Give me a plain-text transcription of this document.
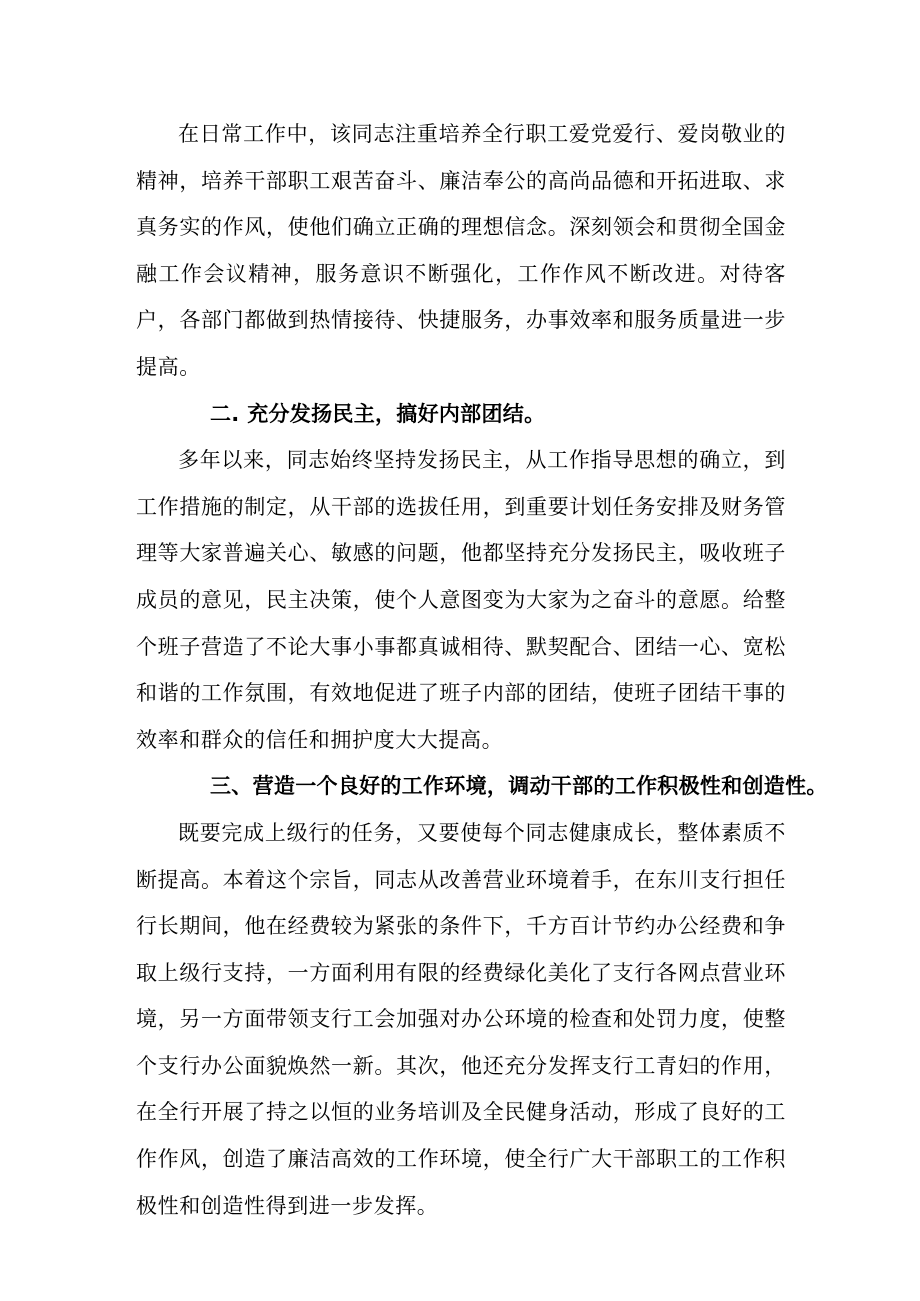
在日常工作中，该同志注重培养全行职工爱党爱行、爱岗敬业的精神，培养干部职工艰苦奋斗、廉洁奉公的高尚品德和开拓进取、求真务实的作风，使他们确立正确的理想信念。深刻领会和贯彻全国金融工作会议精神，服务意识不断强化，工作作风不断改进。对待客户，各部门都做到热情接待、快捷服务，办事效率和服务质量进一步提高。

二. 充分发扬民主，搞好内部团结。

多年以来，同志始终坚持发扬民主，从工作指导思想的确立，到工作措施的制定，从干部的选拔任用，到重要计划任务安排及财务管理等大家普遍关心、敏感的问题，他都坚持充分发扬民主，吸收班子成员的意见，民主决策，使个人意图变为大家为之奋斗的意愿。给整个班子营造了不论大事小事都真诚相待、默契配合、团结一心、宽松和谐的工作氛围，有效地促进了班子内部的团结，使班子团结干事的效率和群众的信任和拥护度大大提高。

三、营造一个良好的工作环境，调动干部的工作积极性和创造性。

既要完成上级行的任务，又要使每个同志健康成长，整体素质不断提高。本着这个宗旨，同志从改善营业环境着手，在东川支行担任行长期间，他在经费较为紧张的条件下，千方百计节约办公经费和争取上级行支持，一方面利用有限的经费绿化美化了支行各网点营业环境，另一方面带领支行工会加强对办公环境的检查和处罚力度，使整个支行办公面貌焕然一新。其次，他还充分发挥支行工青妇的作用，在全行开展了持之以恒的业务培训及全民健身活动，形成了良好的工作作风，创造了廉洁高效的工作环境，使全行广大干部职工的工作积极性和创造性得到进一步发挥。
